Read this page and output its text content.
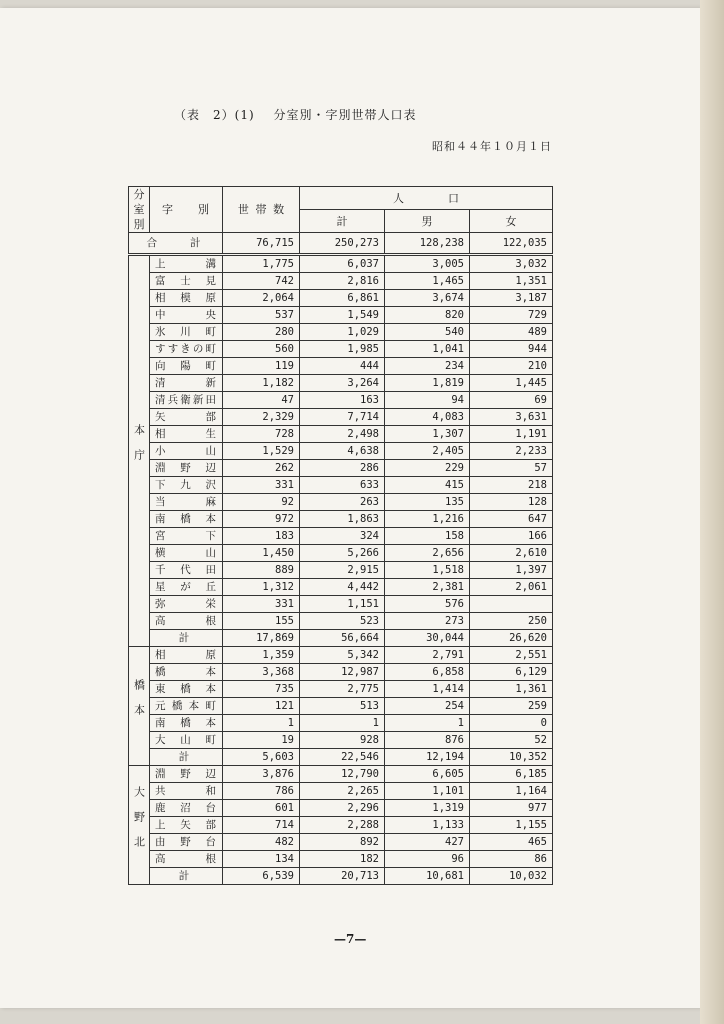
（表　2）(1) 分室別・字別世帯人口表
昭和４４年１０月１日
分室別	字　　別	世 帯 数	人　　　　口		
			計	男	女
合　　計		76,715	250,273	128,238	122,035
本庁	上溝	1,775	6,037	3,005	3,032
	富士見	742	2,816	1,465	1,351
	相模原	2,064	6,861	3,674	3,187
	中央	537	1,549	820	729
	氷川町	280	1,029	540	489
	すすきの町	560	1,985	1,041	944
	向陽町	119	444	234	210
	清新	1,182	3,264	1,819	1,445
	清兵衛新田	47	163	94	69
	矢部	2,329	7,714	4,083	3,631
	相生	728	2,498	1,307	1,191
	小山	1,529	4,638	2,405	2,233
	淵野辺	262	286	229	57
	下九沢	331	633	415	218
	当麻	92	263	135	128
	南橋本	972	1,863	1,216	647
	宮下	183	324	158	166
	横山	1,450	5,266	2,656	2,610
	千代田	889	2,915	1,518	1,397
	星が丘	1,312	4,442	2,381	2,061
	弥栄	331	1,151	576	
	高根	155	523	273	250
	計	17,869	56,664	30,044	26,620
橋本	相原	1,359	5,342	2,791	2,551
	橋本	3,368	12,987	6,858	6,129
	東橋本	735	2,775	1,414	1,361
	元橋本町	121	513	254	259
	南橋本	1	1	1	0
	大山町	19	928	876	52
	計	5,603	22,546	12,194	10,352
大野北	淵野辺	3,876	12,790	6,605	6,185
	共和	786	2,265	1,101	1,164
	鹿沼台	601	2,296	1,319	977
	上矢部	714	2,288	1,133	1,155
	由野台	482	892	427	465
	高根	134	182	96	86
	計	6,539	20,713	10,681	10,032
—7—
